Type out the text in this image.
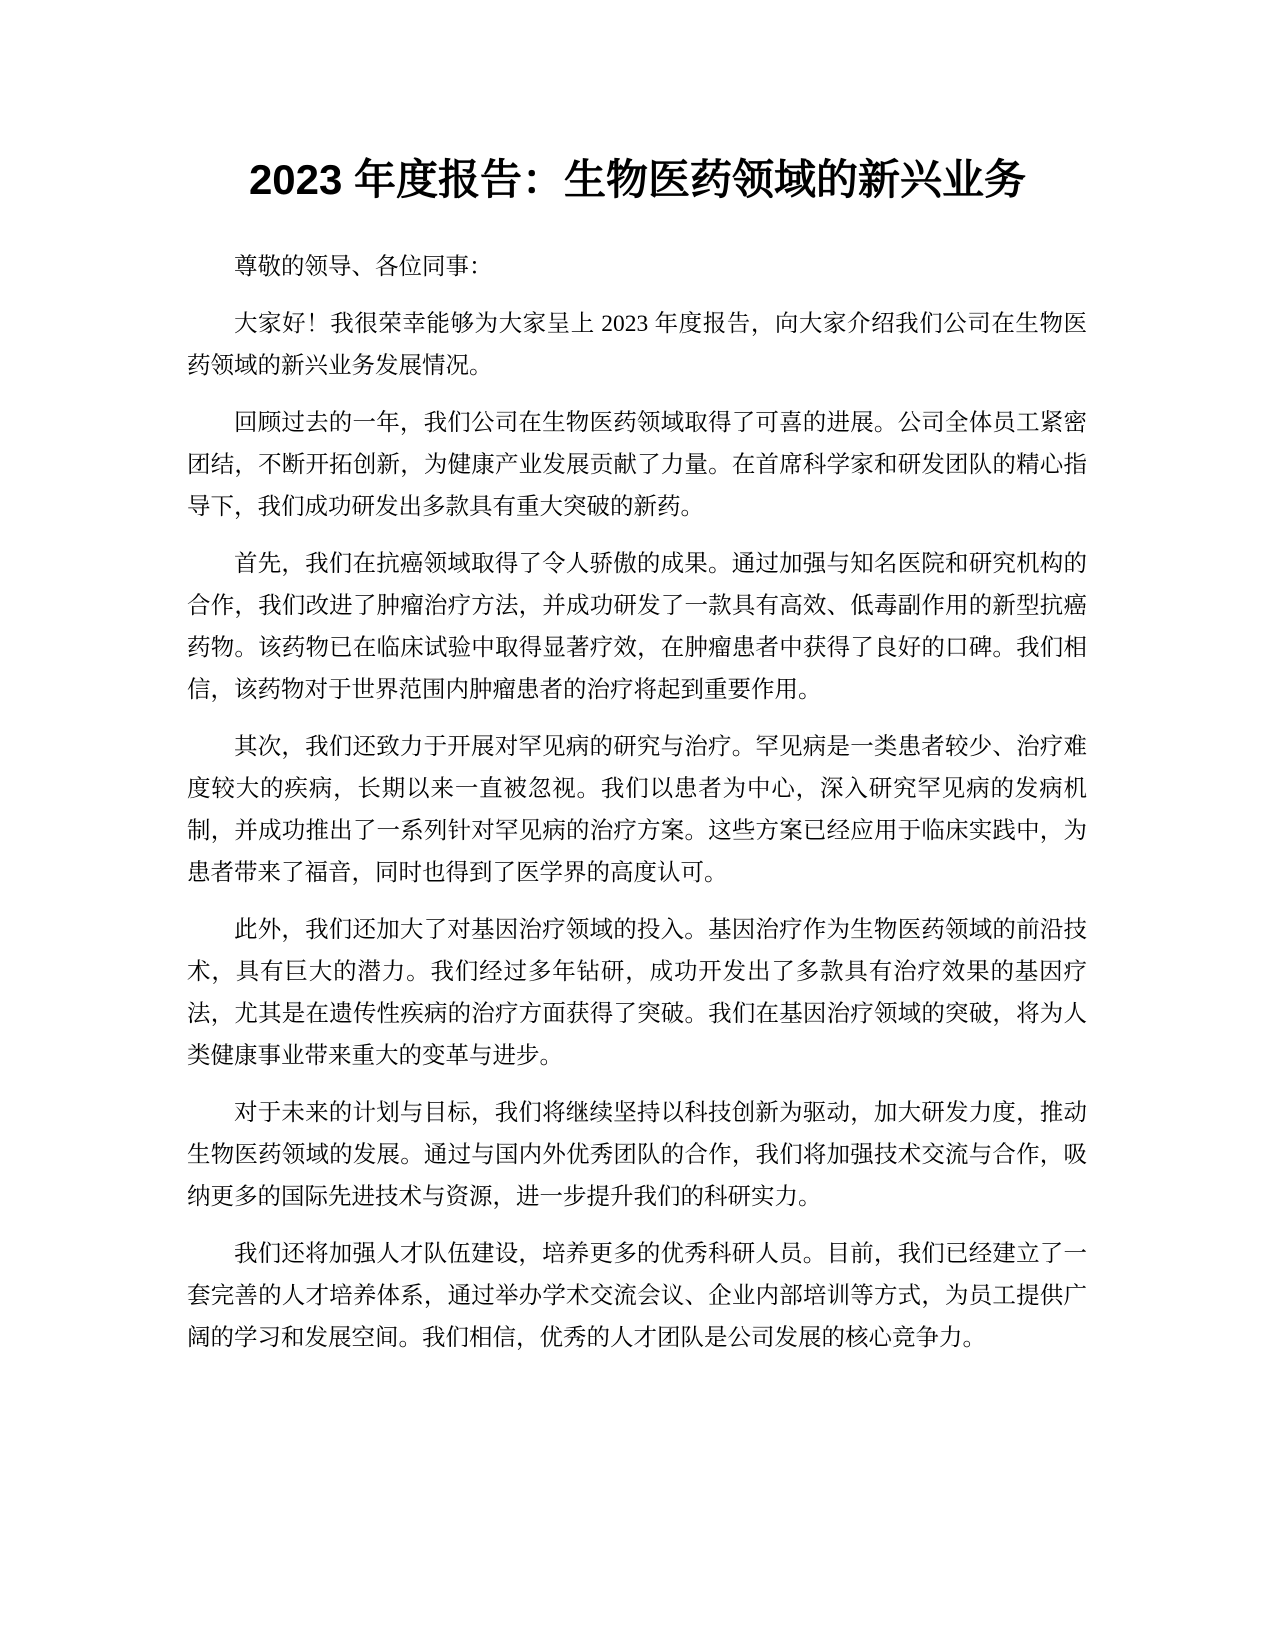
2023 年度报告：生物医药领域的新兴业务

尊敬的领导、各位同事：

大家好！我很荣幸能够为大家呈上 2023 年度报告，向大家介绍我们公司在生物医药领域的新兴业务发展情况。

回顾过去的一年，我们公司在生物医药领域取得了可喜的进展。公司全体员工紧密团结，不断开拓创新，为健康产业发展贡献了力量。在首席科学家和研发团队的精心指导下，我们成功研发出多款具有重大突破的新药。

首先，我们在抗癌领域取得了令人骄傲的成果。通过加强与知名医院和研究机构的合作，我们改进了肿瘤治疗方法，并成功研发了一款具有高效、低毒副作用的新型抗癌药物。该药物已在临床试验中取得显著疗效，在肿瘤患者中获得了良好的口碑。我们相信，该药物对于世界范围内肿瘤患者的治疗将起到重要作用。

其次，我们还致力于开展对罕见病的研究与治疗。罕见病是一类患者较少、治疗难度较大的疾病，长期以来一直被忽视。我们以患者为中心，深入研究罕见病的发病机制，并成功推出了一系列针对罕见病的治疗方案。这些方案已经应用于临床实践中，为患者带来了福音，同时也得到了医学界的高度认可。

此外，我们还加大了对基因治疗领域的投入。基因治疗作为生物医药领域的前沿技术，具有巨大的潜力。我们经过多年钻研，成功开发出了多款具有治疗效果的基因疗法，尤其是在遗传性疾病的治疗方面获得了突破。我们在基因治疗领域的突破，将为人类健康事业带来重大的变革与进步。

对于未来的计划与目标，我们将继续坚持以科技创新为驱动，加大研发力度，推动生物医药领域的发展。通过与国内外优秀团队的合作，我们将加强技术交流与合作，吸纳更多的国际先进技术与资源，进一步提升我们的科研实力。

我们还将加强人才队伍建设，培养更多的优秀科研人员。目前，我们已经建立了一套完善的人才培养体系，通过举办学术交流会议、企业内部培训等方式，为员工提供广阔的学习和发展空间。我们相信，优秀的人才团队是公司发展的核心竞争力。
